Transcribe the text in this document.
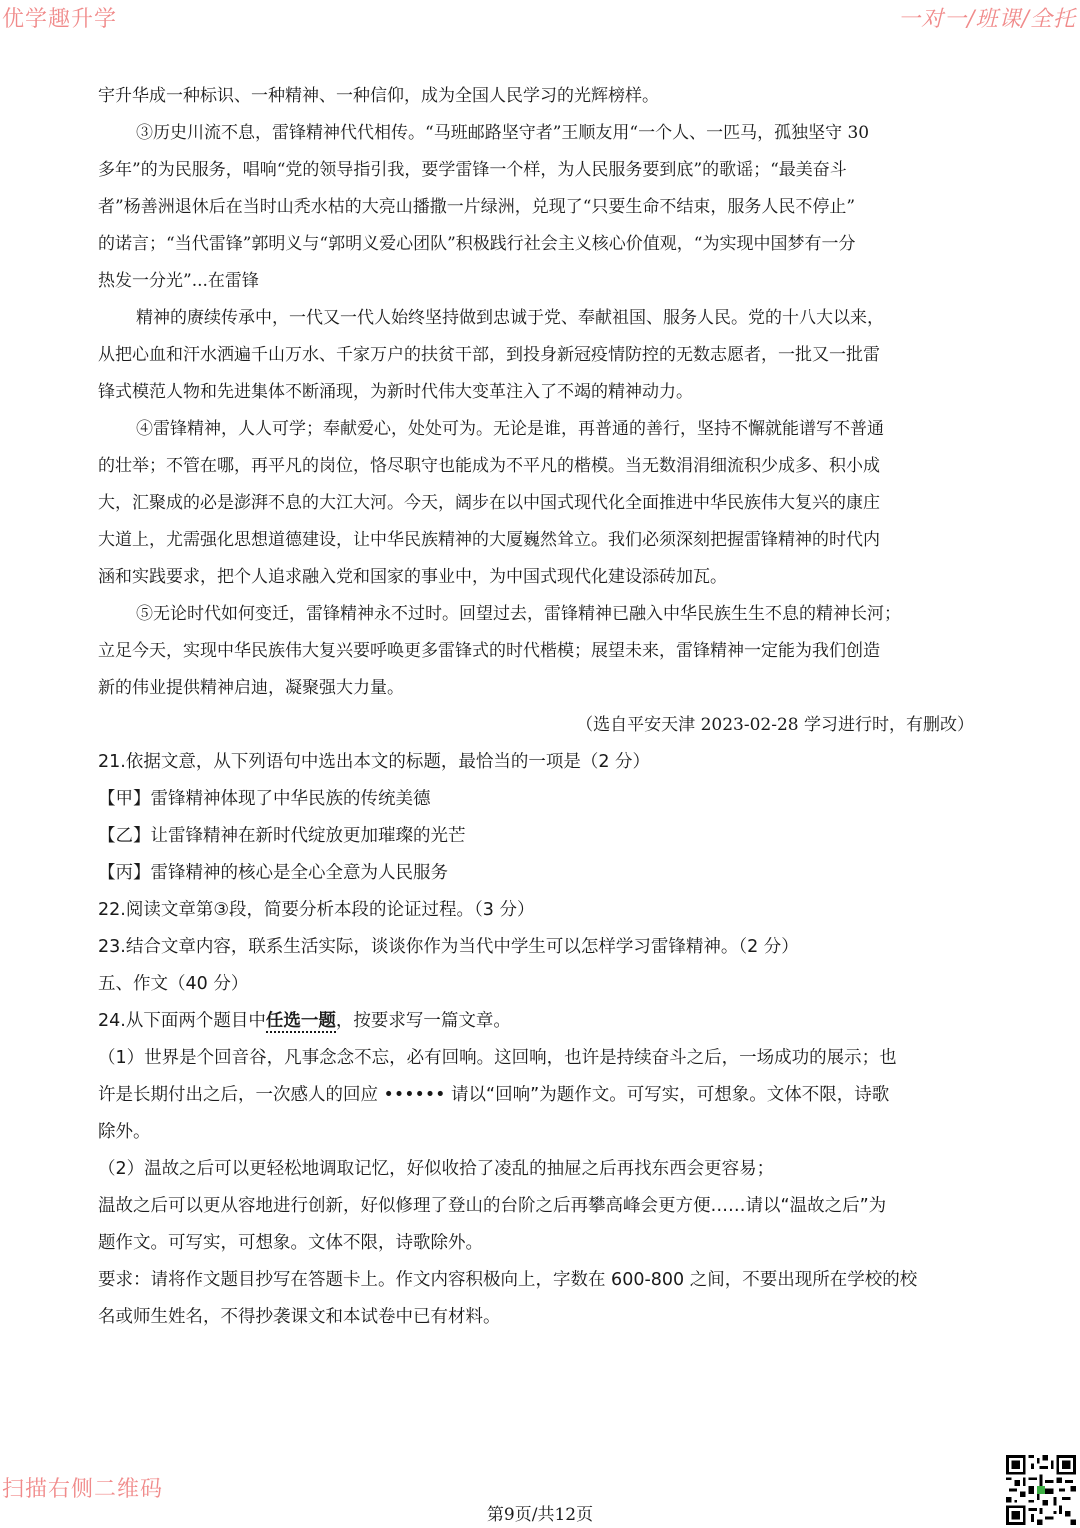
优学趣升学	一对一/班课/全托
宇升华成一种标识、一种精神、一种信仰，成为全国人民学习的光辉榜样。
③历史川流不息，雷锋精神代代相传。“马班邮路坚守者”王顺友用“一个人、一匹马，孤独坚守 30
多年”的为民服务，唱响“党的领导指引我，要学雷锋一个样，为人民服务要到底”的歌谣；“最美奋斗
者”杨善洲退休后在当时山秃水枯的大亮山播撒一片绿洲，兑现了“只要生命不结束，服务人民不停止”
的诺言；“当代雷锋”郭明义与“郭明义爱心团队”积极践行社会主义核心价值观，“为实现中国梦有一分
热发一分光”...在雷锋
精神的赓续传承中，一代又一代人始终坚持做到忠诚于党、奉献祖国、服务人民。党的十八大以来，
从把心血和汗水洒遍千山万水、千家万户的扶贫干部，到投身新冠疫情防控的无数志愿者，一批又一批雷
锋式模范人物和先进集体不断涌现，为新时代伟大变革注入了不竭的精神动力。
④雷锋精神，人人可学；奉献爱心，处处可为。无论是谁，再普通的善行，坚持不懈就能谱写不普通
的壮举；不管在哪，再平凡的岗位，恪尽职守也能成为不平凡的楷模。当无数涓涓细流积少成多、积小成
大，汇聚成的必是澎湃不息的大江大河。今天，阔步在以中国式现代化全面推进中华民族伟大复兴的康庄
大道上，尤需强化思想道德建设，让中华民族精神的大厦巍然耸立。我们必须深刻把握雷锋精神的时代内
涵和实践要求，把个人追求融入党和国家的事业中，为中国式现代化建设添砖加瓦。
⑤无论时代如何变迁，雷锋精神永不过时。回望过去，雷锋精神已融入中华民族生生不息的精神长河；
立足今天，实现中华民族伟大复兴要呼唤更多雷锋式的时代楷模；展望未来，雷锋精神一定能为我们创造
新的伟业提供精神启迪，凝聚强大力量。
（选自平安天津 2023-02-28 学习进行时，有删改）
21.依据文意，从下列语句中选出本文的标题，最恰当的一项是（2 分）
【甲】雷锋精神体现了中华民族的传统美德
【乙】让雷锋精神在新时代绽放更加璀璨的光芒
【丙】雷锋精神的核心是全心全意为人民服务
22.阅读文章第③段，简要分析本段的论证过程。（3 分）
23.结合文章内容，联系生活实际，谈谈你作为当代中学生可以怎样学习雷锋精神。（2 分）
五、作文（40 分）
24.从下面两个题目中任选一题，按要求写一篇文章。
（1）世界是个回音谷，凡事念念不忘，必有回响。这回响，也许是持续奋斗之后，一场成功的展示；也
许是长期付出之后，一次感人的回应 •••••• 请以“回响”为题作文。可写实，可想象。文体不限，诗歌
除外。
（2）温故之后可以更轻松地调取记忆，好似收拾了凌乱的抽屉之后再找东西会更容易；
温故之后可以更从容地进行创新，好似修理了登山的台阶之后再攀高峰会更方便……请以“温故之后”为
题作文。可写实，可想象。文体不限，诗歌除外。
要求：请将作文题目抄写在答题卡上。作文内容积极向上，字数在 600-800 之间，不要出现所在学校的校
名或师生姓名，不得抄袭课文和本试卷中已有材料。
扫描右侧二维码
第9页/共12页
